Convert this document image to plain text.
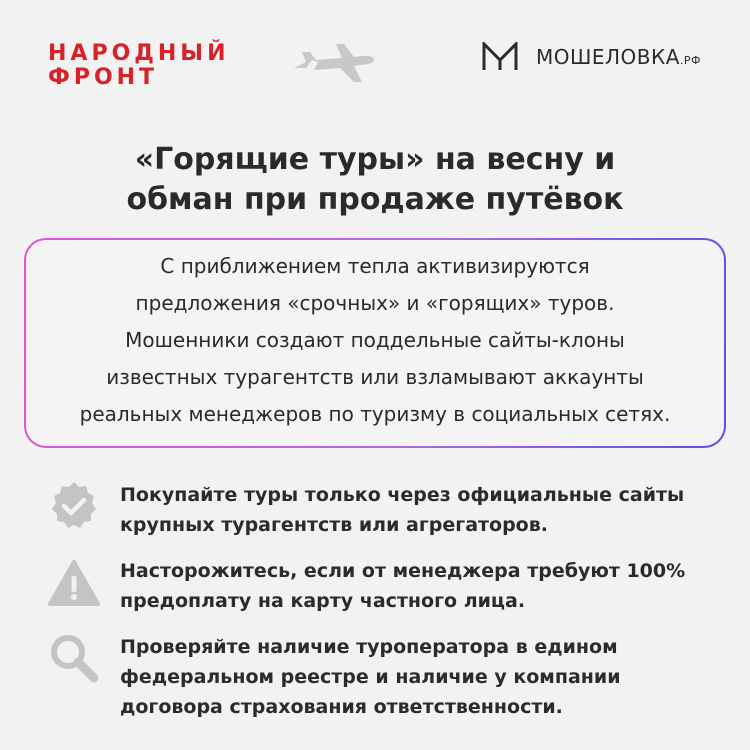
НАРОДНЫЙ
ФРОНТ
МОШЕЛОВКА.РФ
«Горящие туры» на весну и
обман при продаже путёвок
С приближением тепла активизируются
предложения «срочных» и «горящих» туров.
Мошенники создают поддельные сайты-клоны
известных турагентств или взламывают аккаунты
реальных менеджеров по туризму в социальных сетях.
Покупайте туры только через официальные сайты
крупных турагентств или агрегаторов.
Насторожитесь, если от менеджера требуют 100%
предоплату на карту частного лица.
Проверяйте наличие туроператора в едином
федеральном реестре и наличие у компании
договора страхования ответственности.
